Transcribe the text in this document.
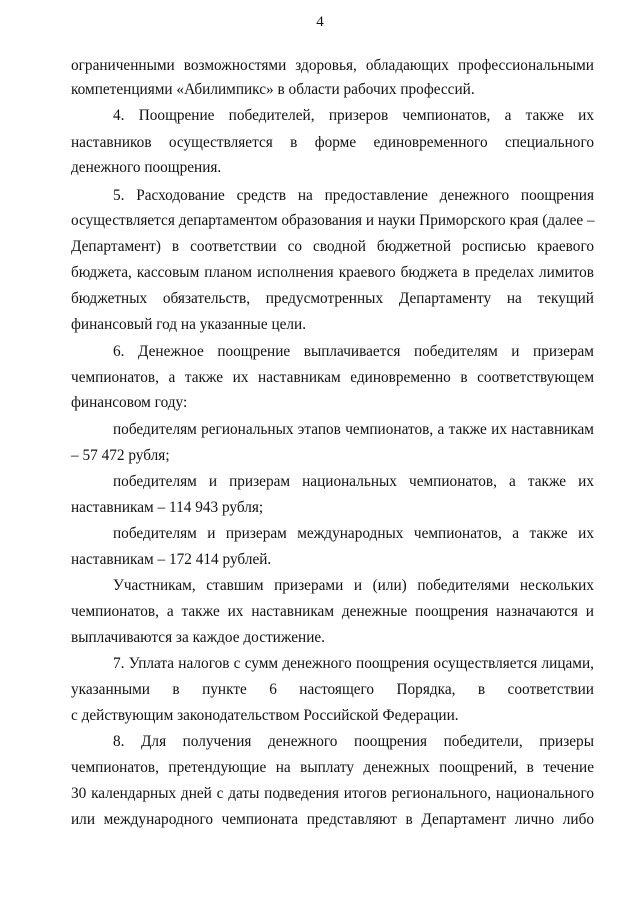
4
ограниченными возможностями здоровья, обладающих профессиональными
компетенциями «Абилимпикс» в области рабочих профессий.
4. Поощрение победителей, призеров чемпионатов, а также их
наставников осуществляется в форме единовременного специального
денежного поощрения.
5. Расходование средств на предоставление денежного поощрения
осуществляется департаментом образования и науки Приморского края (далее –
Департамент) в соответствии со сводной бюджетной росписью краевого
бюджета, кассовым планом исполнения краевого бюджета в пределах лимитов
бюджетных обязательств, предусмотренных Департаменту на текущий
финансовый год на указанные цели.
6. Денежное поощрение выплачивается победителям и призерам
чемпионатов, а также их наставникам единовременно в соответствующем
финансовом году:
победителям региональных этапов чемпионатов, а также их наставникам
– 57 472 рубля;
победителям и призерам национальных чемпионатов, а также их
наставникам – 114 943 рубля;
победителям и призерам международных чемпионатов, а также их
наставникам – 172 414 рублей.
Участникам, ставшим призерами и (или) победителями нескольких
чемпионатов, а также их наставникам денежные поощрения назначаются и
выплачиваются за каждое достижение.
7. Уплата налогов с сумм денежного поощрения осуществляется лицами,
указанными в пункте 6 настоящего Порядка, в соответствии
с действующим законодательством Российской Федерации.
8. Для получения денежного поощрения победители, призеры
чемпионатов, претендующие на выплату денежных поощрений, в течение
30 календарных дней с даты подведения итогов регионального, национального
или международного чемпионата представляют в Департамент лично либо
